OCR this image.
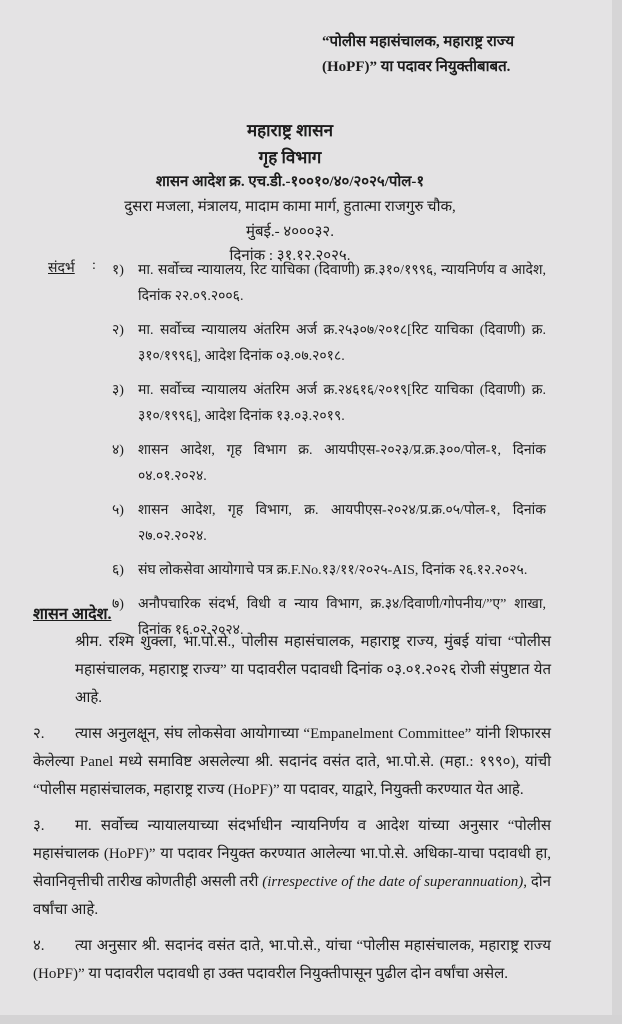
“पोलीस महासंचालक, महाराष्ट्र राज्य
(HoPF)” या पदावर नियुक्तीबाबत.
महाराष्ट्र शासन
गृह विभाग
शासन आदेश क्र. एच.डी.-१००१०/४०/२०२५/पोल-१
दुसरा मजला, मंत्रालय, मादाम कामा मार्ग, हुतात्मा राजगुरु चौक,
मुंबई.- ४०००३२.
दिनांक : ३१.१२.२०२५.
संदर्भ : १)	मा. सर्वोच्च न्यायालय, रिट याचिका (दिवाणी) क्र.३१०/१९९६, न्यायनिर्णय व आदेश, दिनांक २२.०९.२००६.
२)	मा. सर्वोच्च न्यायालय अंतरिम अर्ज क्र.२५३०७/२०१८[रिट याचिका (दिवाणी) क्र. ३१०/१९९६], आदेश दिनांक ०३.०७.२०१८.
३)	मा. सर्वोच्च न्यायालय अंतरिम अर्ज क्र.२४६१६/२०१९[रिट याचिका (दिवाणी) क्र. ३१०/१९९६], आदेश दिनांक १३.०३.२०१९.
४)	शासन आदेश, गृह विभाग क्र. आयपीएस-२०२३/प्र.क्र.३००/पोल-१, दिनांक ०४.०१.२०२४.
५)	शासन आदेश, गृह विभाग, क्र. आयपीएस-२०२४/प्र.क्र.०५/पोल-१, दिनांक २७.०२.२०२४.
६)	संघ लोकसेवा आयोगाचे पत्र क्र.F.No.१३/११/२०२५-AIS, दिनांक २६.१२.२०२५.
७)	अनौपचारिक संदर्भ, विधी व न्याय विभाग, क्र.३४/दिवाणी/गोपनीय/”ए” शाखा, दिनांक १६.०२.२०२४.
शासन आदेश.
श्रीम. रश्मि शुक्ला, भा.पो.से., पोलीस महासंचालक, महाराष्ट्र राज्य, मुंबई यांचा “पोलीस महासंचालक, महाराष्ट्र राज्य” या पदावरील पदावधी दिनांक ०३.०१.२०२६ रोजी संपुष्टात येत आहे.
२. त्यास अनुलक्षून, संघ लोकसेवा आयोगाच्या “Empanelment Committee” यांनी शिफारस केलेल्या Panel मध्ये समाविष्ट असलेल्या श्री. सदानंद वसंत दाते, भा.पो.से. (महा.: १९९०), यांची “पोलीस महासंचालक, महाराष्ट्र राज्य (HoPF)” या पदावर, याद्वारे, नियुक्ती करण्यात येत आहे.
३. मा. सर्वोच्च न्यायालयाच्या संदर्भाधीन न्यायनिर्णय व आदेश यांच्या अनुसार “पोलीस महासंचालक (HoPF)” या पदावर नियुक्त करण्यात आलेल्या भा.पो.से. अधिका-याचा पदावधी हा, सेवानिवृत्तीची तारीख कोणतीही असली तरी (irrespective of the date of superannuation), दोन वर्षांचा आहे.
४. त्या अनुसार श्री. सदानंद वसंत दाते, भा.पो.से., यांचा “पोलीस महासंचालक, महाराष्ट्र राज्य (HoPF)” या पदावरील पदावधी हा उक्त पदावरील नियुक्तीपासून पुढील दोन वर्षांचा असेल.
